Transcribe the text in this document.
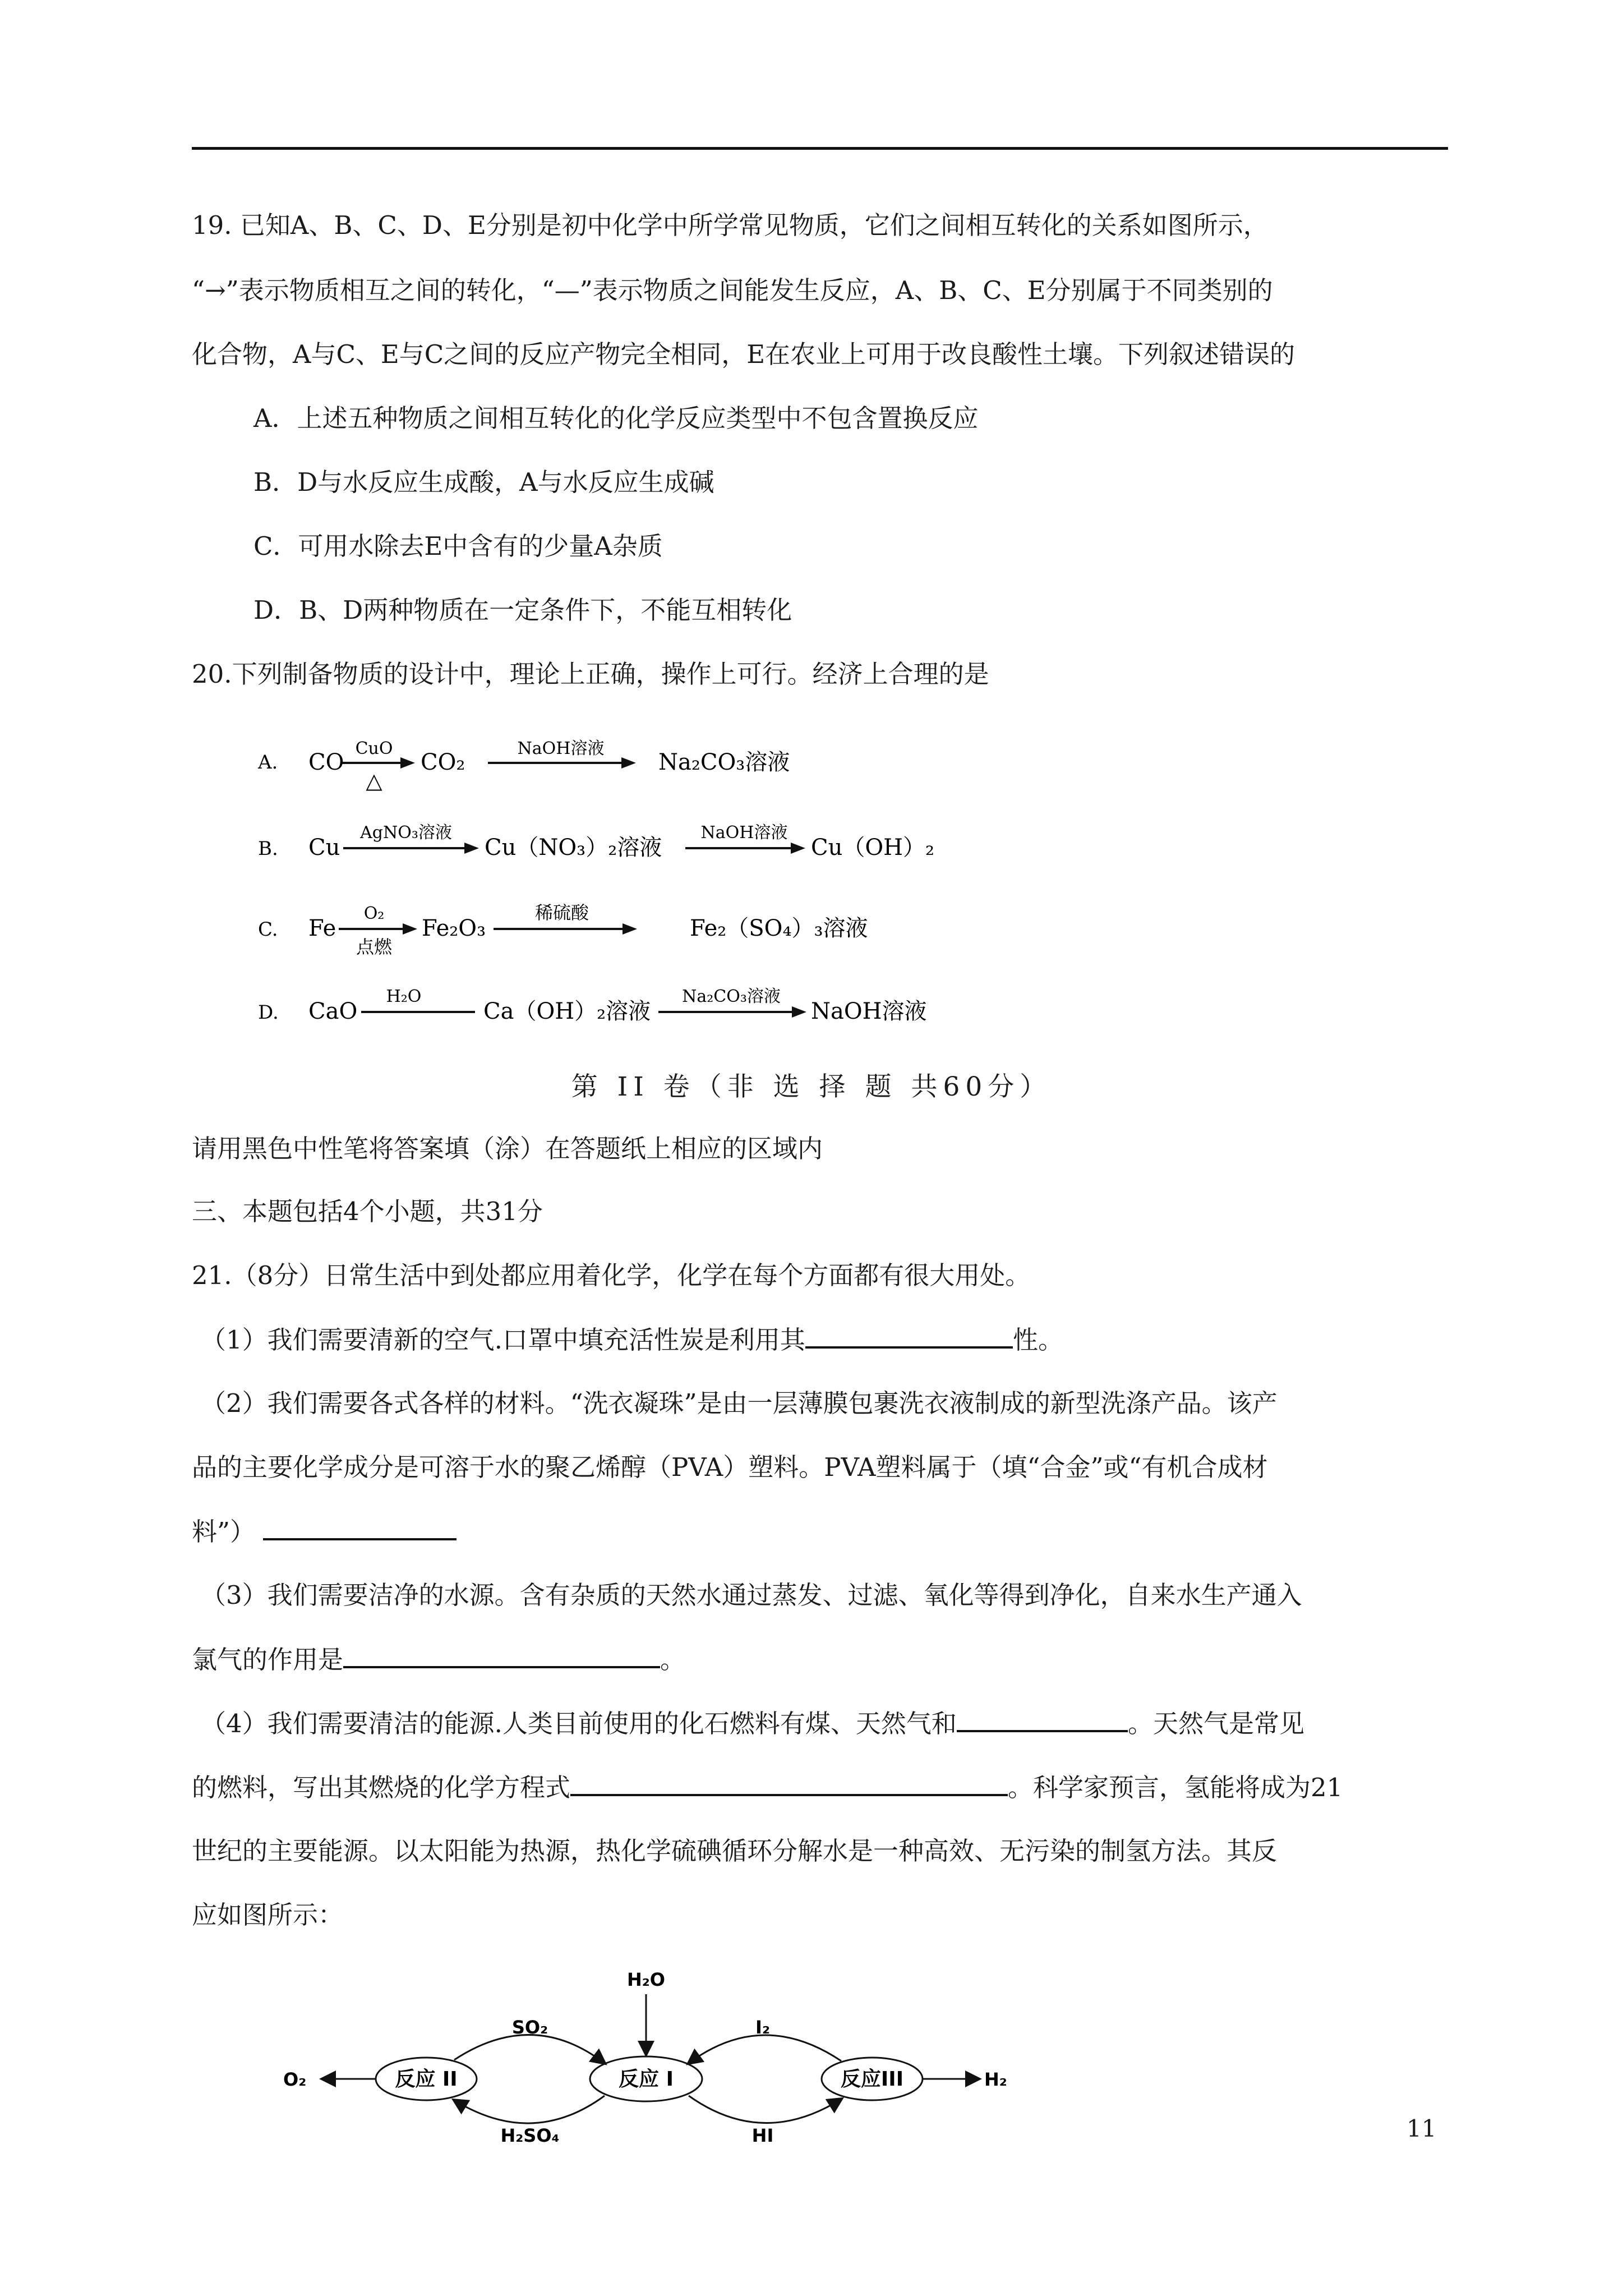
19. 已知A、B、C、D、E分别是初中化学中所学常见物质，它们之间相互转化的关系如图所示，
“→”表示物质相互之间的转化，“—”表示物质之间能发生反应，A、B、C、E分别属于不同类别的
化合物，A与C、E与C之间的反应产物完全相同，E在农业上可用于改良酸性土壤。下列叙述错误的
A．上述五种物质之间相互转化的化学反应类型中不包含置换反应
B．D与水反应生成酸，A与水反应生成碱
C．可用水除去E中含有的少量A杂质
D．B、D两种物质在一定条件下，不能互相转化
20.下列制备物质的设计中，理论上正确，操作上可行。经济上合理的是
A. CO
CuO
△
CO₂
NaOH溶液
Na₂CO₃溶液
B. Cu
AgNO₃溶液
Cu（NO₃）₂溶液
NaOH溶液
Cu（OH）₂
C. Fe
O₂
点燃
Fe₂O₃
稀硫酸
Fe₂（SO₄）₃溶液
D. CaO
H₂O
Ca（OH）₂溶液
Na₂CO₃溶液
NaOH溶液
第 II 卷（非 选 择 题 共60分）
请用黑色中性笔将答案填（涂）在答题纸上相应的区域内
三、本题包括4个小题，共31分
21.（8分）日常生活中到处都应用着化学，化学在每个方面都有很大用处。
（1）我们需要清新的空气.口罩中填充活性炭是利用其	性。
（2）我们需要各式各样的材料。“洗衣凝珠”是由一层薄膜包裹洗衣液制成的新型洗涤产品。该产
品的主要化学成分是可溶于水的聚乙烯醇（PVA）塑料。PVA塑料属于（填“合金”或“有机合成材
料”）
（3）我们需要洁净的水源。含有杂质的天然水通过蒸发、过滤、氧化等得到净化，自来水生产通入
氯气的作用是	。
（4）我们需要清洁的能源.人类目前使用的化石燃料有煤、天然气和	。天然气是常见
的燃料，写出其燃烧的化学方程式	。科学家预言，氢能将成为21
世纪的主要能源。以太阳能为热源，热化学硫碘循环分解水是一种高效、无污染的制氢方法。其反
应如图所示：
H₂O
反应 II	反应 I	反应III
O₂	H₂
SO₂
H₂SO₄
I₂
HI	11
